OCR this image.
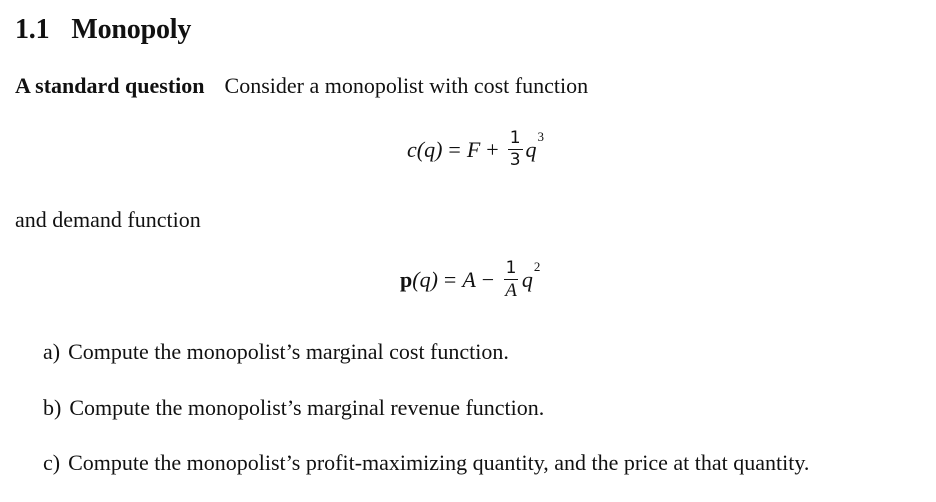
1.1 Monopoly
A standard question Consider a monopolist with cost function
$c(q) = F + \frac{1}{3}$ q
$^3$
and demand function
p $(q) = A - \frac{1}{A}$ q
$^2$
a) Compute the monopolist’s marginal cost function.
b) Compute the monopolist’s marginal revenue function.
c) Compute the monopolist’s profit-maximizing quantity, and the price at that quantity.
